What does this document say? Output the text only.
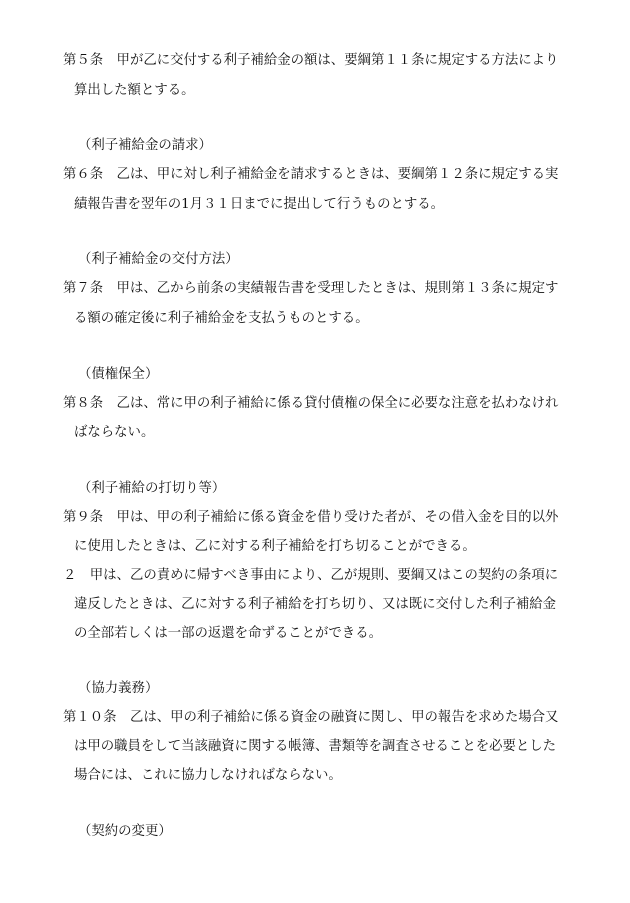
第５条　甲が乙に交付する利子補給金の額は、要綱第１１条に規定する方法により
算出した額とする。
（利子補給金の請求）
第６条　乙は、甲に対し利子補給金を請求するときは、要綱第１２条に規定する実
績報告書を翌年の1月３１日までに提出して行うものとする。
（利子補給金の交付方法）
第７条　甲は、乙から前条の実績報告書を受理したときは、規則第１３条に規定す
る額の確定後に利子補給金を支払うものとする。
（債権保全）
第８条　乙は、常に甲の利子補給に係る貸付債権の保全に必要な注意を払わなけれ
ばならない。
（利子補給の打切り等）
第９条　甲は、甲の利子補給に係る資金を借り受けた者が、その借入金を目的以外
に使用したときは、乙に対する利子補給を打ち切ることができる。
２　甲は、乙の責めに帰すべき事由により、乙が規則、要綱又はこの契約の条項に
違反したときは、乙に対する利子補給を打ち切り、又は既に交付した利子補給金
の全部若しくは一部の返還を命ずることができる。
（協力義務）
第１０条　乙は、甲の利子補給に係る資金の融資に関し、甲の報告を求めた場合又
は甲の職員をして当該融資に関する帳簿、書類等を調査させることを必要とした
場合には、これに協力しなければならない。
（契約の変更）
